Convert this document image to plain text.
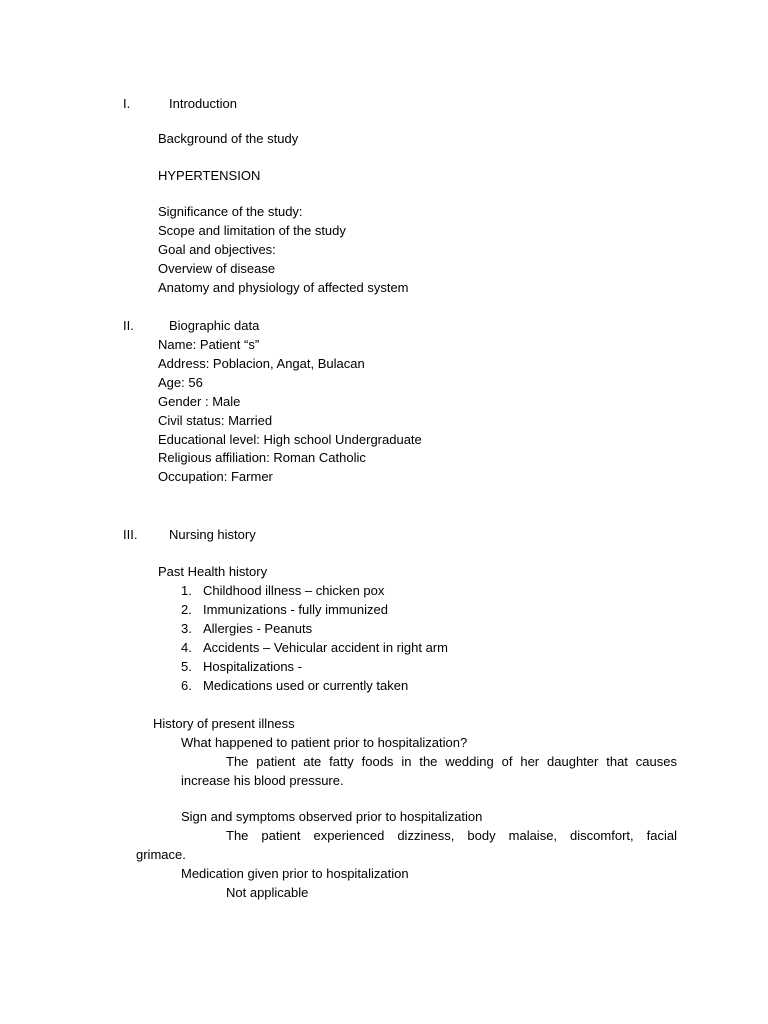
I.	Introduction
Background of the study
HYPERTENSION
Significance of the study:
Scope and limitation of the study
Goal and objectives:
Overview of disease
Anatomy and physiology of affected system
II.	Biographic data
Name: Patient “s”
Address: Poblacion, Angat, Bulacan
Age: 56
Gender : Male
Civil status: Married
Educational level: High school Undergraduate
Religious affiliation: Roman Catholic
Occupation: Farmer
III. Nursing history
Past Health history
1. Childhood illness – chicken pox
2. Immunizations - fully immunized
3. Allergies - Peanuts
4. Accidents – Vehicular accident in right arm
5. Hospitalizations -
6. Medications used or currently taken
History of present illness
What happened to patient prior to hospitalization?
The patient ate fatty foods in the wedding of her daughter that causes
increase his blood pressure.
Sign and symptoms observed prior to hospitalization
The patient experienced dizziness, body malaise, discomfort, facial
grimace.
Medication given prior to hospitalization
Not applicable
